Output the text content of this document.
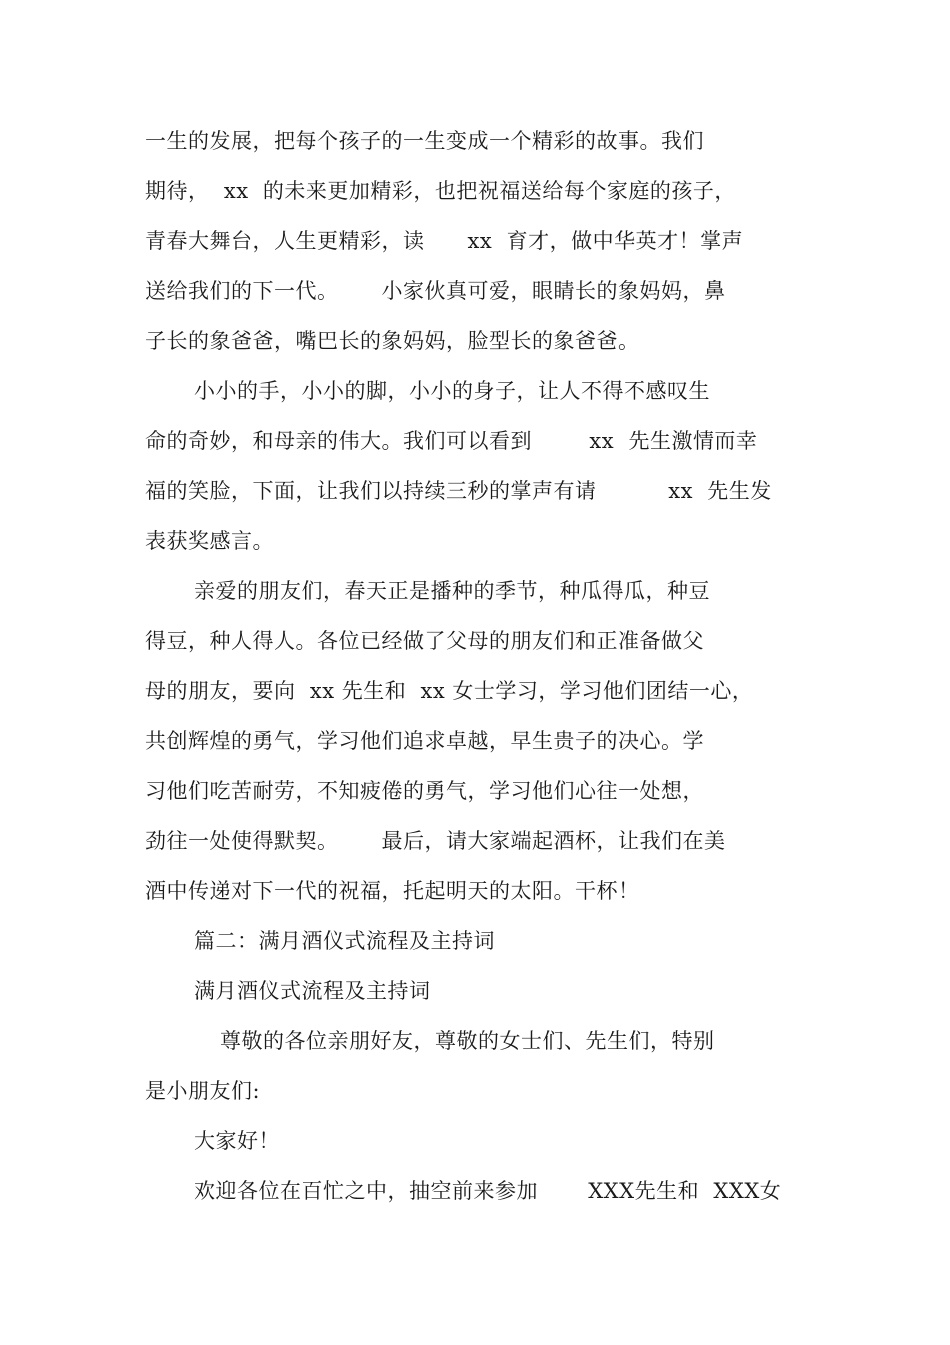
一生的发展，把每个孩子的一生变成一个精彩的故事。我们
期待，  xx  的未来更加精彩，也把祝福送给每个家庭的孩子，
青春大舞台，人生更精彩，读      xx  育才，做中华英才！掌声
送给我们的下一代。      小家伙真可爱，眼睛长的象妈妈，鼻
子长的象爸爸，嘴巴长的象妈妈，脸型长的象爸爸。
小小的手，小小的脚，小小的身子，让人不得不感叹生
命的奇妙，和母亲的伟大。我们可以看到        xx  先生激情而幸
福的笑脸，下面，让我们以持续三秒的掌声有请          xx  先生发
表获奖感言。
亲爱的朋友们，春天正是播种的季节，种瓜得瓜，种豆
得豆，种人得人。各位已经做了父母的朋友们和正准备做父
母的朋友，要向  xx 先生和  xx 女士学习，学习他们团结一心，
共创辉煌的勇气，学习他们追求卓越，早生贵子的决心。学
习他们吃苦耐劳，不知疲倦的勇气，学习他们心往一处想，
劲往一处使得默契。      最后，请大家端起酒杯，让我们在美
酒中传递对下一代的祝福，托起明天的太阳。干杯！
篇二：满月酒仪式流程及主持词
满月酒仪式流程及主持词
尊敬的各位亲朋好友，尊敬的女士们、先生们，特别
是小朋友们:
大家好！
欢迎各位在百忙之中，抽空前来参加       XXX先生和  XXX女
